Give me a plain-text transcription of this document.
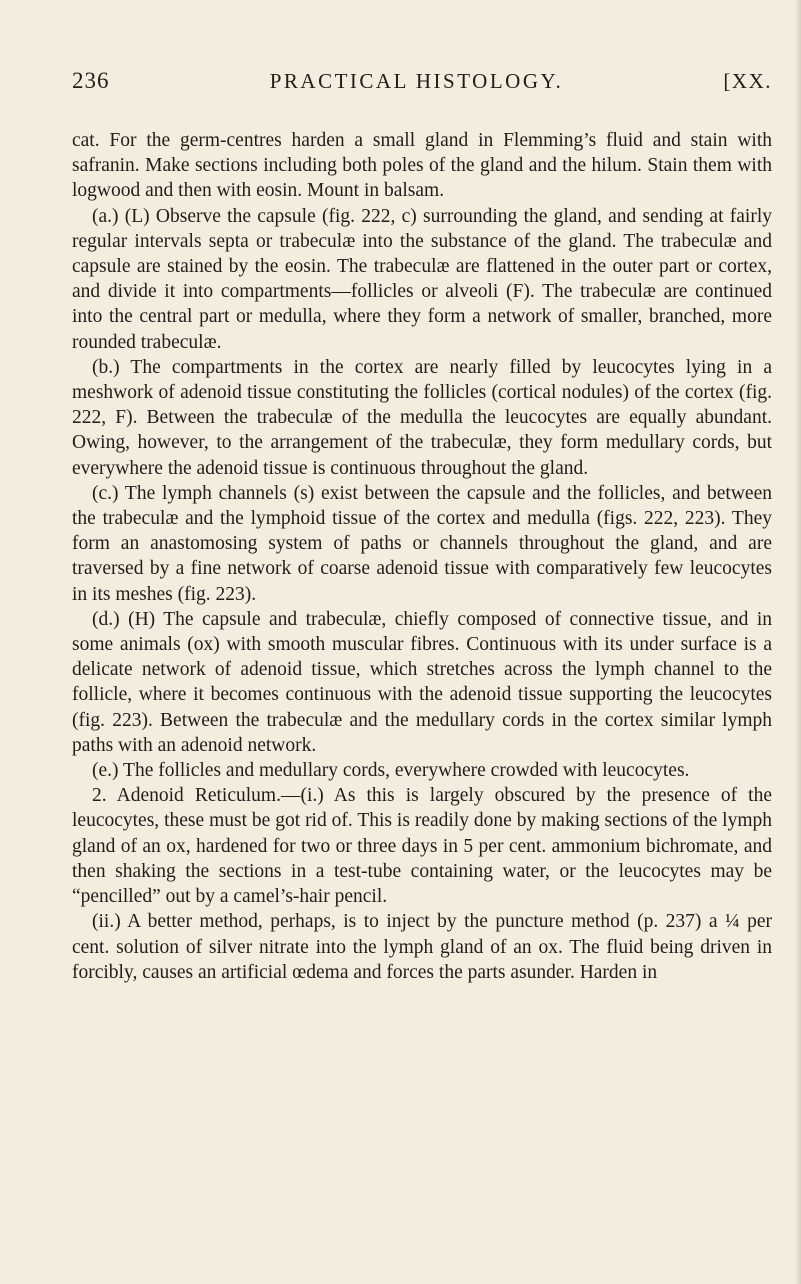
236	PRACTICAL HISTOLOGY.	[XX.

cat. For the germ-centres harden a small gland in Flemming’s fluid and stain with safranin. Make sections including both poles of the gland and the hilum. Stain them with logwood and then with eosin. Mount in balsam.

(a.) (L) Observe the capsule (fig. 222, c) surrounding the gland, and sending at fairly regular intervals septa or trabeculæ into the substance of the gland. The trabeculæ and capsule are stained by the eosin. The trabeculæ are flattened in the outer part or cortex, and divide it into compartments—follicles or alveoli (F). The trabeculæ are continued into the central part or medulla, where they form a network of smaller, branched, more rounded trabeculæ.

(b.) The compartments in the cortex are nearly filled by leucocytes lying in a meshwork of adenoid tissue constituting the follicles (cortical nodules) of the cortex (fig. 222, F). Between the trabeculæ of the medulla the leucocytes are equally abundant. Owing, however, to the arrangement of the trabeculæ, they form medullary cords, but everywhere the adenoid tissue is continuous throughout the gland.

(c.) The lymph channels (s) exist between the capsule and the follicles, and between the trabeculæ and the lymphoid tissue of the cortex and medulla (figs. 222, 223). They form an anastomosing system of paths or channels throughout the gland, and are traversed by a fine network of coarse adenoid tissue with comparatively few leucocytes in its meshes (fig. 223).

(d.) (H) The capsule and trabeculæ, chiefly composed of connective tissue, and in some animals (ox) with smooth muscular fibres. Continuous with its under surface is a delicate network of adenoid tissue, which stretches across the lymph channel to the follicle, where it becomes continuous with the adenoid tissue supporting the leucocytes (fig. 223). Between the trabeculæ and the medullary cords in the cortex similar lymph paths with an adenoid network.

(e.) The follicles and medullary cords, everywhere crowded with leucocytes.

2. Adenoid Reticulum.—(i.) As this is largely obscured by the presence of the leucocytes, these must be got rid of. This is readily done by making sections of the lymph gland of an ox, hardened for two or three days in 5 per cent. ammonium bichromate, and then shaking the sections in a test-tube containing water, or the leucocytes may be “pencilled” out by a camel’s-hair pencil.

(ii.) A better method, perhaps, is to inject by the puncture method (p. 237) a ¼ per cent. solution of silver nitrate into the lymph gland of an ox. The fluid being driven in forcibly, causes an artificial œdema and forces the parts asunder. Harden in
